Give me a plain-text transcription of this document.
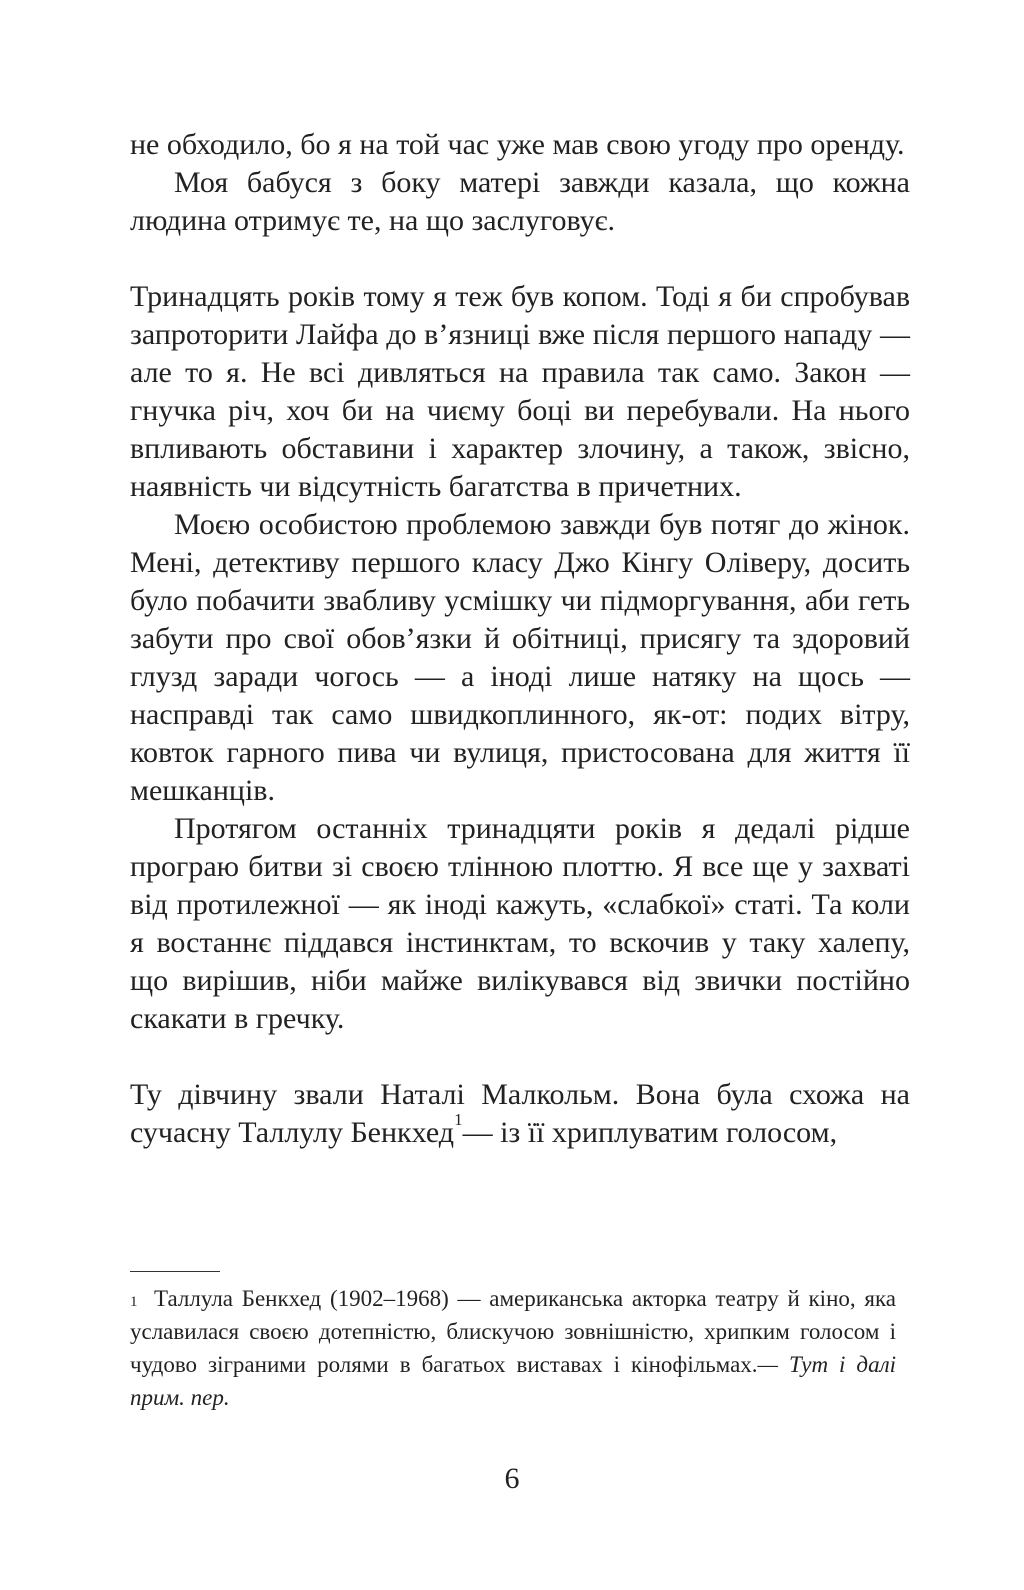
не обходило, бо я на той час уже мав свою угоду про оренду.

Моя бабуся з боку матері завжди казала, що кожна людина отримує те, на що заслуговує.

Тринадцять років тому я теж був копом. Тоді я би спробував запроторити Лайфа до в’язниці вже після першого нападу — але то я. Не всі дивляться на правила так само. Закон — гнучка річ, хоч би на чиєму боці ви перебували. На нього впливають обставини і характер злочину, а також, звісно, наявність чи відсутність багатства в причетних.

Моєю особистою проблемою завжди був потяг до жінок. Мені, детективу першого класу Джо Кінгу Оліверу, досить було побачити звабливу усмішку чи підморгування, аби геть забути про свої обов’язки й обітниці, присягу та здоровий глузд заради чогось — а іноді лише натяку на щось — насправді так само швидкоплинного, як-от: подих вітру, ковток гарного пива чи вулиця, пристосована для життя її мешканців.

Протягом останніх тринадцяти років я дедалі рідше програю битви зі своєю тлінною плоттю. Я все ще у захваті від протилежної — як іноді кажуть, «слабкої» статі. Та коли я востаннє піддався інстинктам, то вскочив у таку халепу, що вирішив, ніби майже вилікувався від звички постійно скакати в гречку.

Ту дівчину звали Наталі Малкольм. Вона була схожа на сучасну Таллулу Бенкхед$^1$— із її хриплуватим голосом,

$^1$ Таллула Бенкхед (1902–1968) — американська акторка театру й кіно, яка уславилася своєю дотепністю, блискучою зовнішністю, хрипким голосом і чудово зіграними ролями в багатьох виставах і кінофільмах.— Тут і далі прим. пер.

6
